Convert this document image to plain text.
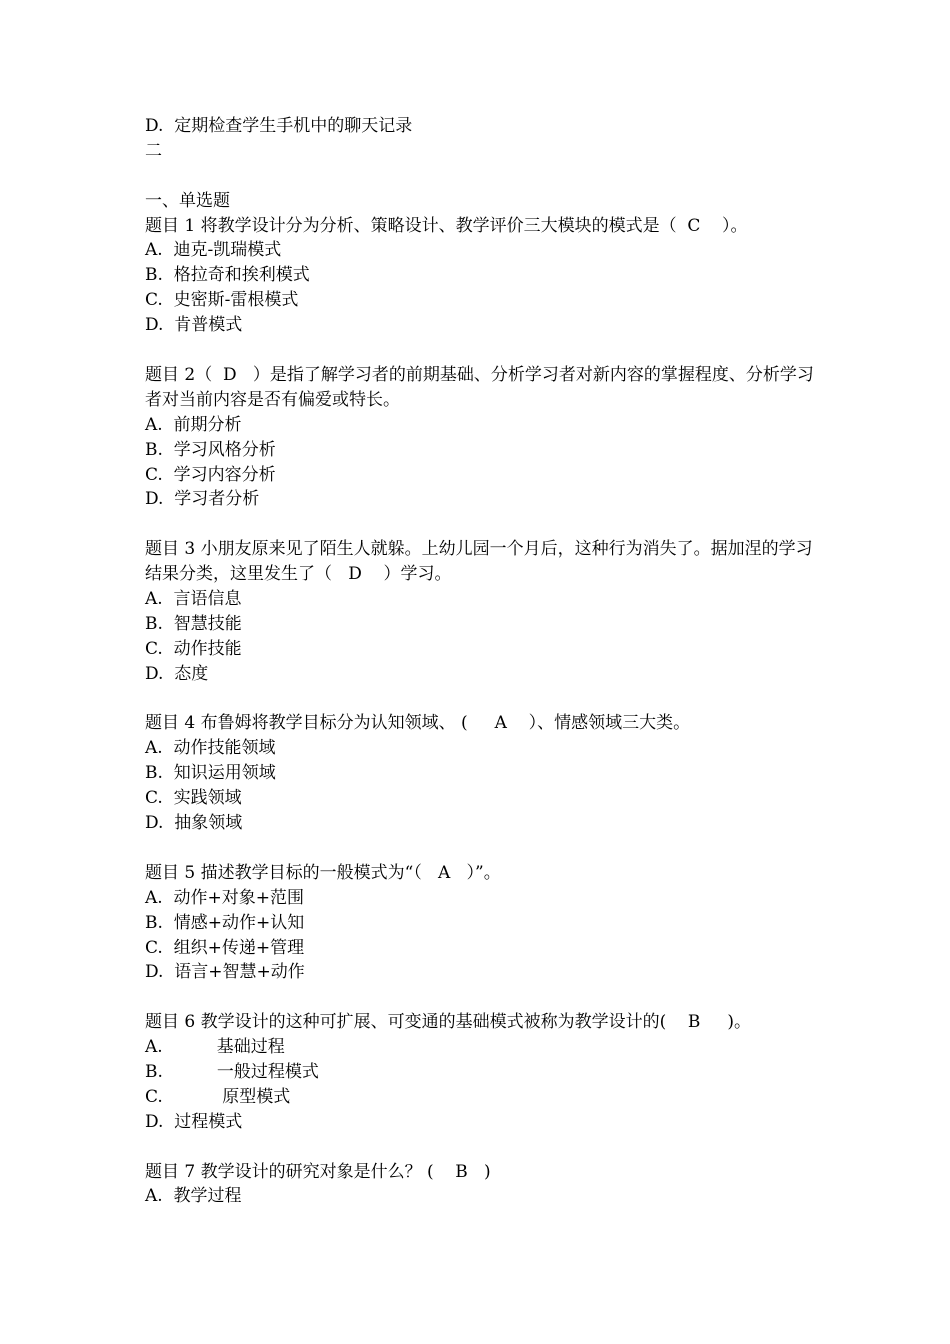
D.  定期检查学生手机中的聊天记录

二

一、单选题

题目 1 将教学设计分为分析、策略设计、教学评价三大模块的模式是（  C    ）。

A.  迪克-凯瑞模式

B.  格拉奇和挨利模式

C.  史密斯-雷根模式

D.  肯普模式

题目 2（  D   ）是指了解学习者的前期基础、分析学习者对新内容的掌握程度、分析学习者对当前内容是否有偏爱或特长。

A.  前期分析

B.  学习风格分析

C.  学习内容分析

D.  学习者分析

题目 3 小朋友原来见了陌生人就躲。上幼儿园一个月后，这种行为消失了。据加涅的学习结果分类，这里发生了（   D    ）学习。

A.  言语信息

B.  智慧技能

C.  动作技能

D.  态度

题目 4 布鲁姆将教学目标分为认知领域、 (     A    ）、情感领域三大类。

A.  动作技能领域

B.  知识运用领域

C.  实践领域

D.  抽象领域

题目 5 描述教学目标的一般模式为“（   A   ）”。

A.  动作+对象+范围

B.  情感+动作+认知

C.  组织+传递+管理

D.  语言+智慧+动作

题目 6 教学设计的这种可扩展、可变通的基础模式被称为教学设计的(    B     )。

A.          基础过程

B.          一般过程模式

C.           原型模式

D.  过程模式

题目 7 教学设计的研究对象是什么？ (    B   )

A.  教学过程
